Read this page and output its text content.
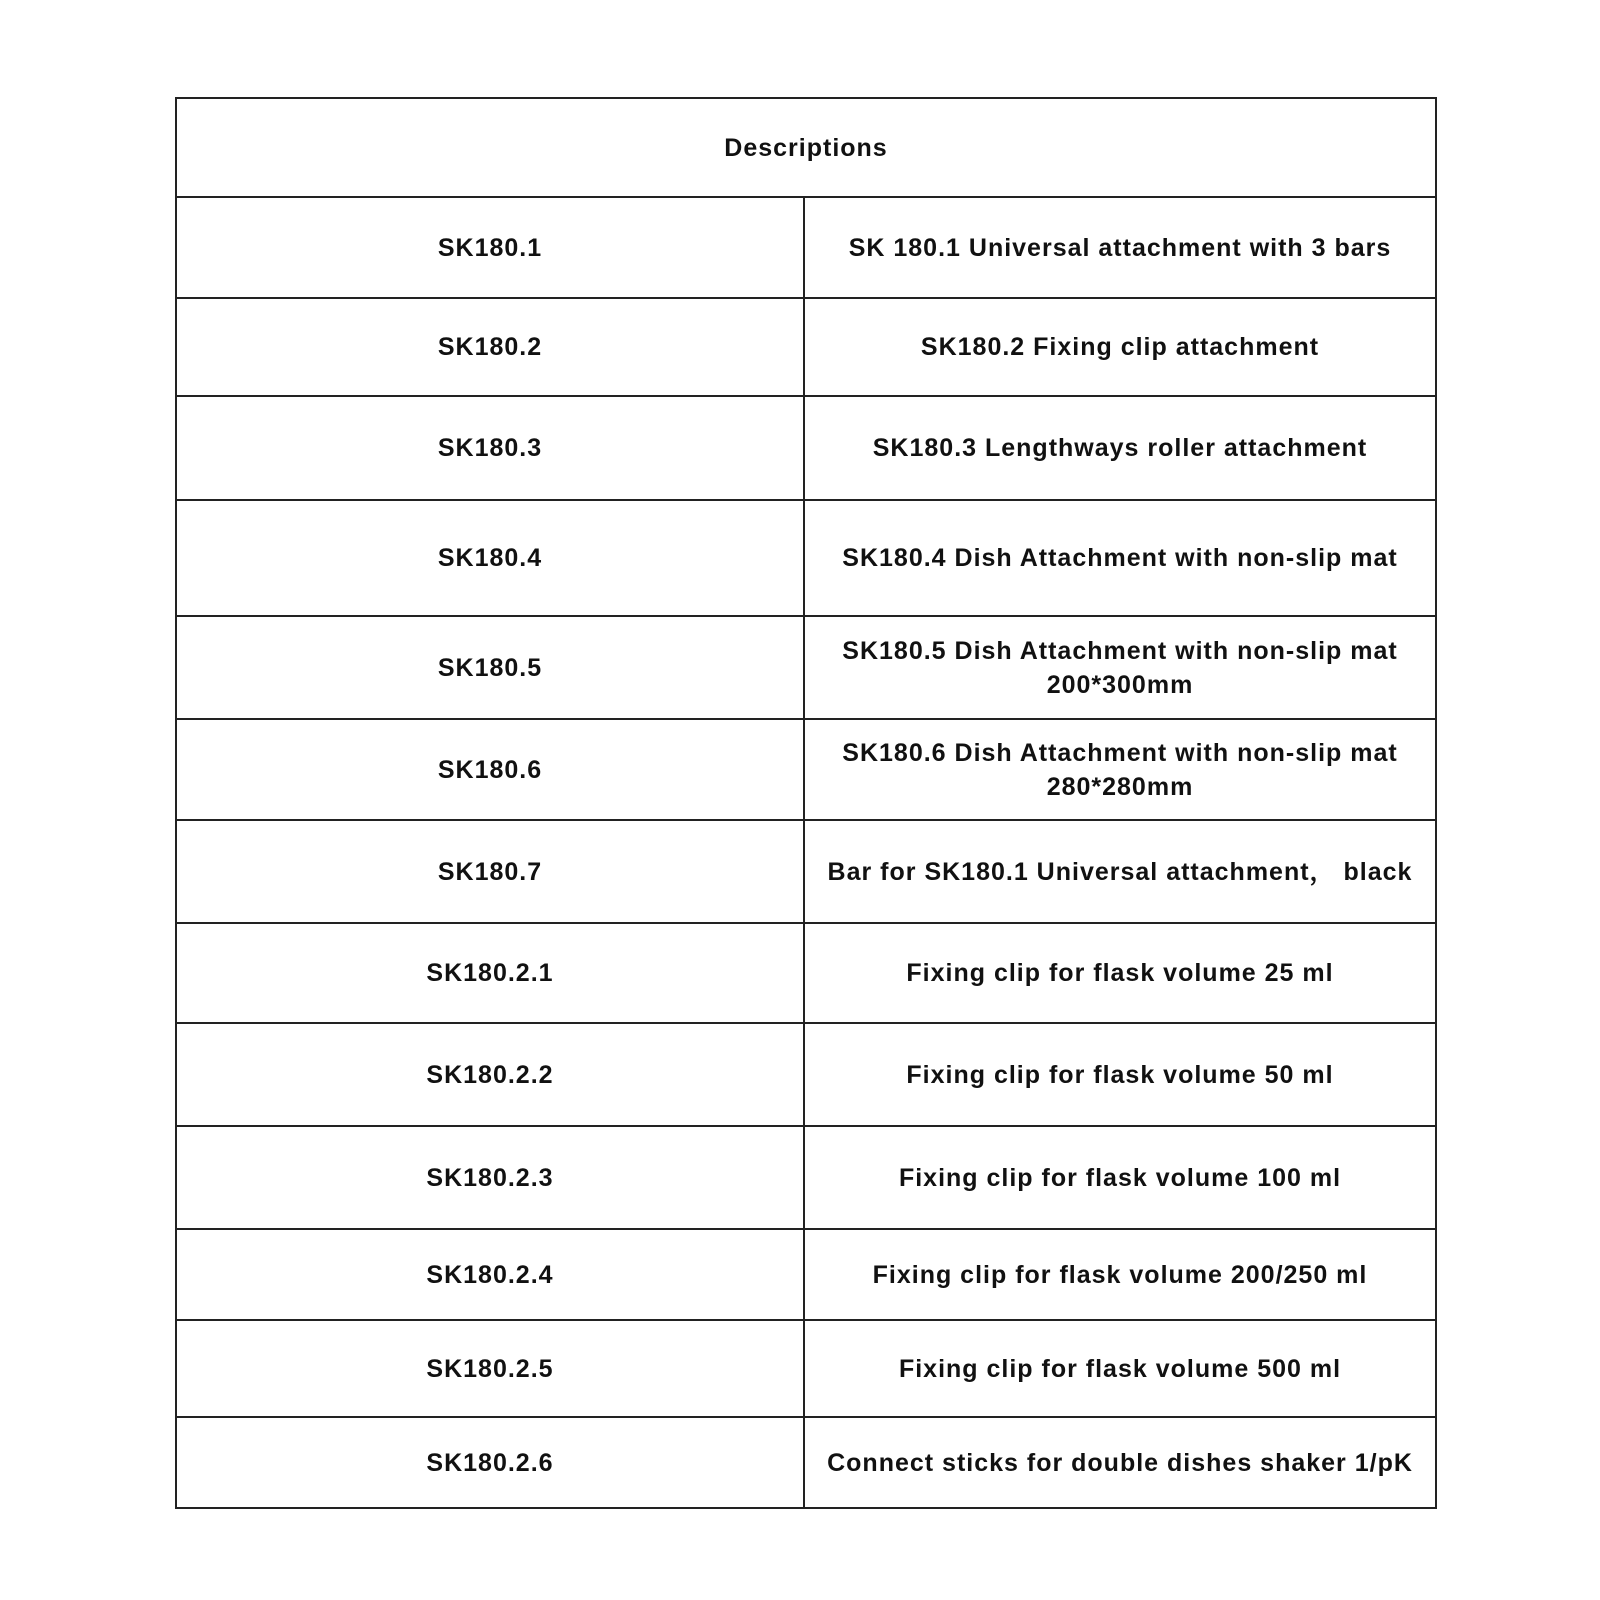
Descriptions	
SK180.1	SK 180.1 Universal attachment with 3 bars
SK180.2	SK180.2 Fixing clip attachment
SK180.3	SK180.3 Lengthways roller attachment
SK180.4	SK180.4 Dish Attachment with non-slip mat
SK180.5	SK180.5 Dish Attachment with non-slip mat 200*300mm
SK180.6	SK180.6 Dish Attachment with non-slip mat 280*280mm
SK180.7	Bar for SK180.1 Universal attachment， black
SK180.2.1	Fixing clip for flask volume 25 ml
SK180.2.2	Fixing clip for flask volume 50 ml
SK180.2.3	Fixing clip for flask volume 100 ml
SK180.2.4	Fixing clip for flask volume 200/250 ml
SK180.2.5	Fixing clip for flask volume 500 ml
SK180.2.6	Connect sticks for double dishes shaker 1/pK
